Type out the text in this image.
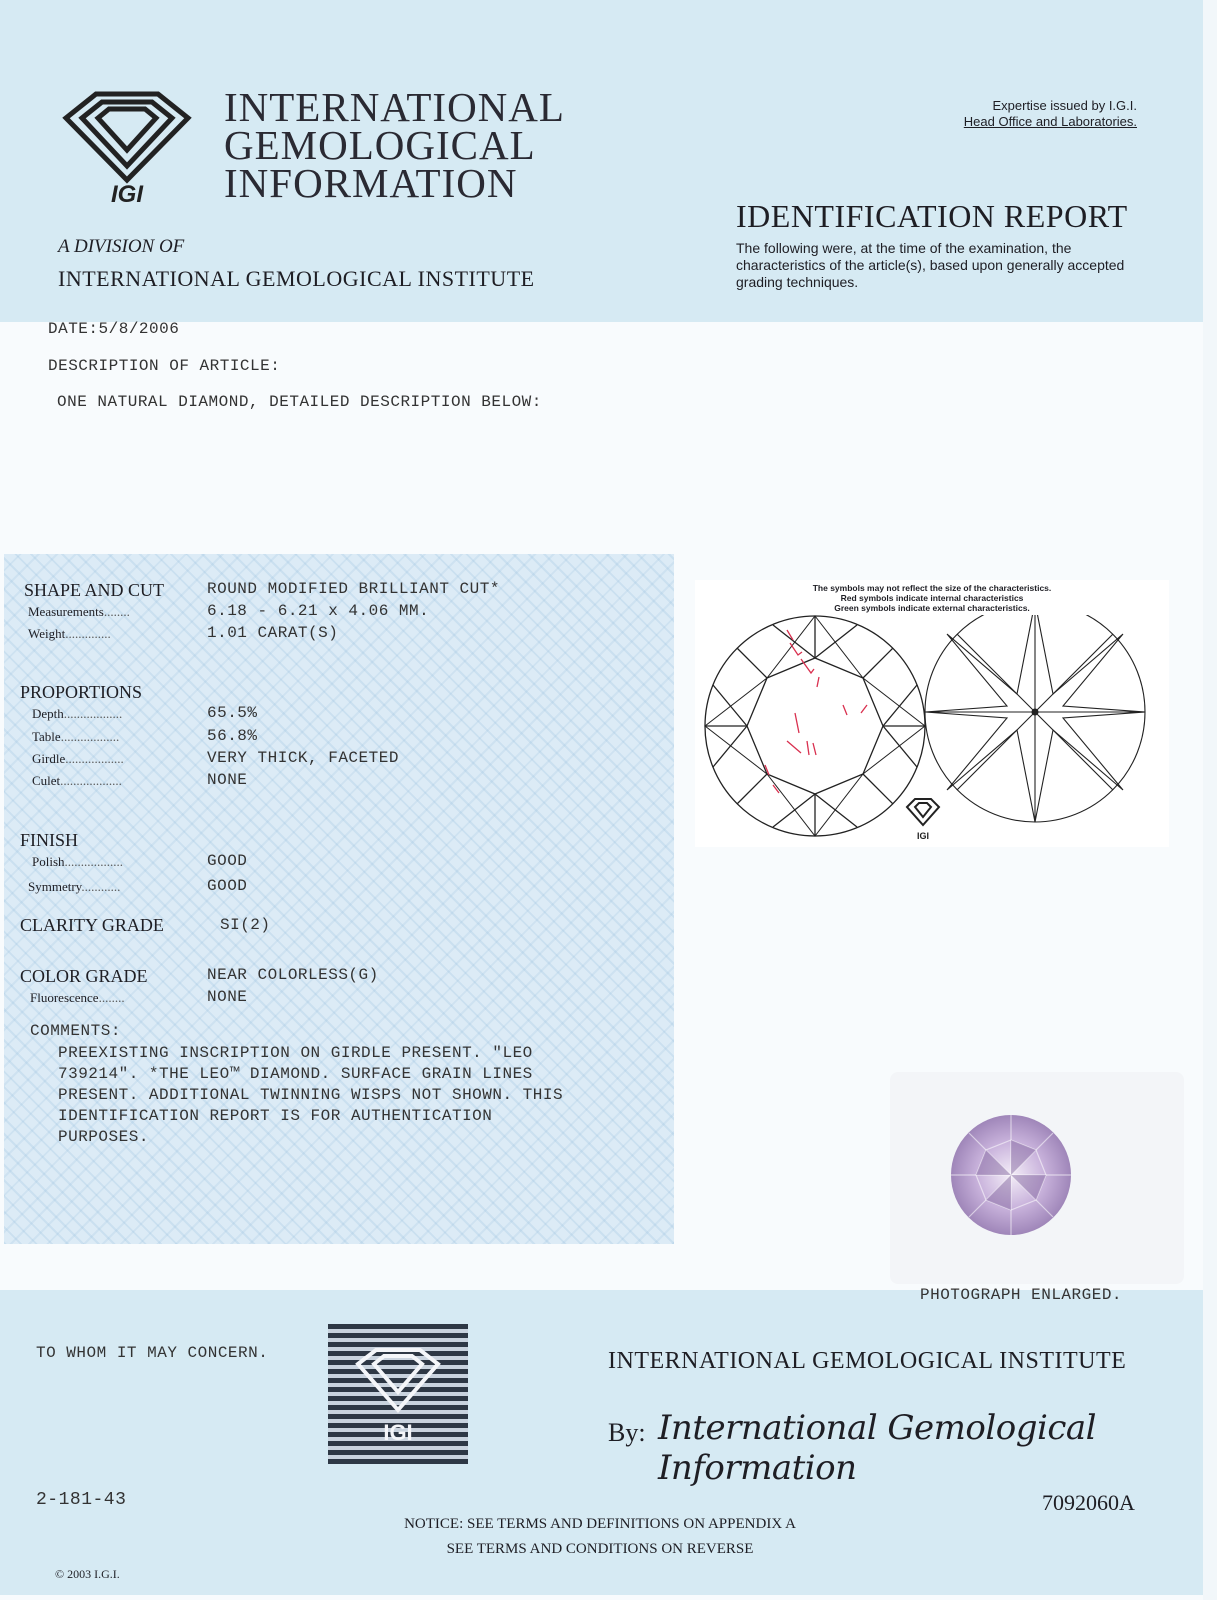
IGI
INTERNATIONAL
GEMOLOGICAL
INFORMATION
A DIVISION OF
INTERNATIONAL GEMOLOGICAL INSTITUTE
Expertise issued by I.G.I.
Head Office and Laboratories.
IDENTIFICATION REPORT
The following were, at the time of the examination, the characteristics of the article(s), based upon generally accepted grading techniques.
DATE:5/8/2006
DESCRIPTION OF ARTICLE:
ONE NATURAL DIAMOND, DETAILED DESCRIPTION BELOW:
SHAPE AND CUT	ROUND MODIFIED BRILLIANT CUT*
Measurements........	6.18 - 6.21 x 4.06 MM.
Weight..............	1.01 CARAT(S)
PROPORTIONS
Depth..................	65.5%
Table..................	56.8%
Girdle..................	VERY THICK, FACETED
Culet...................	NONE
FINISH
Polish..................	GOOD
Symmetry............	GOOD
CLARITY GRADE	SI(2)
COLOR GRADE	NEAR COLORLESS(G)
Fluorescence........	NONE
COMMENTS:
PREEXISTING INSCRIPTION ON GIRDLE PRESENT. "LEO
739214". *THE LEO™ DIAMOND. SURFACE GRAIN LINES
PRESENT. ADDITIONAL TWINNING WISPS NOT SHOWN. THIS
IDENTIFICATION REPORT IS FOR AUTHENTICATION
PURPOSES.
The symbols may not reflect the size of the characteristics.
Red symbols indicate internal characteristics
Green symbols indicate external characteristics.
IGI
PHOTOGRAPH ENLARGED.
TO WHOM IT MAY CONCERN.
IGI
INTERNATIONAL GEMOLOGICAL INSTITUTE
By: International Gemological Information
2-181-43	7092060A
NOTICE: SEE TERMS AND DEFINITIONS ON APPENDIX A
SEE TERMS AND CONDITIONS ON REVERSE
© 2003 I.G.I.
